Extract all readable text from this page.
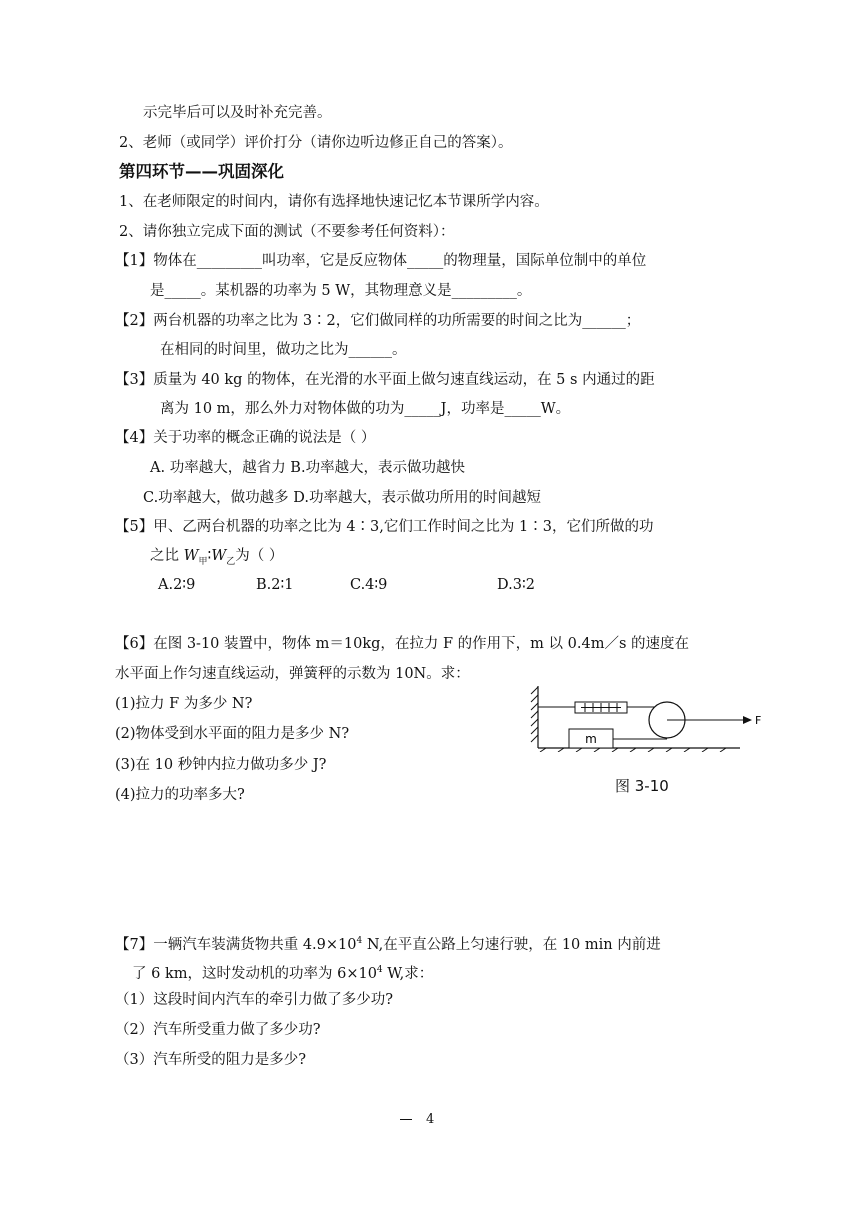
示完毕后可以及时补充完善。
2、老师（或同学）评价打分（请你边听边修正自己的答案）。
第四环节——巩固深化
1、在老师限定的时间内，请你有选择地快速记忆本节课所学内容。
2、请你独立完成下面的测试（不要参考任何资料）：
【1】物体在_________叫功率，它是反应物体_____的物理量，国际单位制中的单位
是_____。某机器的功率为 5 W，其物理意义是_________。
【2】两台机器的功率之比为 3∶2，它们做同样的功所需要的时间之比为______；
在相同的时间里，做功之比为______。
【3】质量为 40 kg 的物体，在光滑的水平面上做匀速直线运动，在 5 s 内通过的距
离为 10 m，那么外力对物体做的功为_____J，功率是_____W。
【4】关于功率的概念正确的说法是（ ）
A. 功率越大，越省力 B.功率越大，表示做功越快
C.功率越大，做功越多 D.功率越大，表示做功所用的时间越短
【5】甲、乙两台机器的功率之比为 4∶3,它们工作时间之比为 1∶3，它们所做的功
之比 $W_甲∶W_乙$为（ ）
A.2∶9	B.2∶1	C.4∶9	D.3∶2
【6】在图 3-10 装置中，物体 m＝10kg，在拉力 F 的作用下，m 以 0.4m／s 的速度在
水平面上作匀速直线运动，弹簧秤的示数为 10N。求：
(1)拉力 F 为多少 N?
(2)物体受到水平面的阻力是多少 N?
(3)在 10 秒钟内拉力做功多少 J?
(4)拉力的功率多大?
m
F
图 3-10
【7】一辆汽车装满货物共重 $4.9\times 10^4$ N,在平直公路上匀速行驶，在 10 min 内前进
了 6 km，这时发动机的功率为 $6\times 10^4$ W,求：
（1）这段时间内汽车的牵引力做了多少功?
（2）汽车所受重力做了多少功?
（3）汽车所受的阻力是多少?
4
